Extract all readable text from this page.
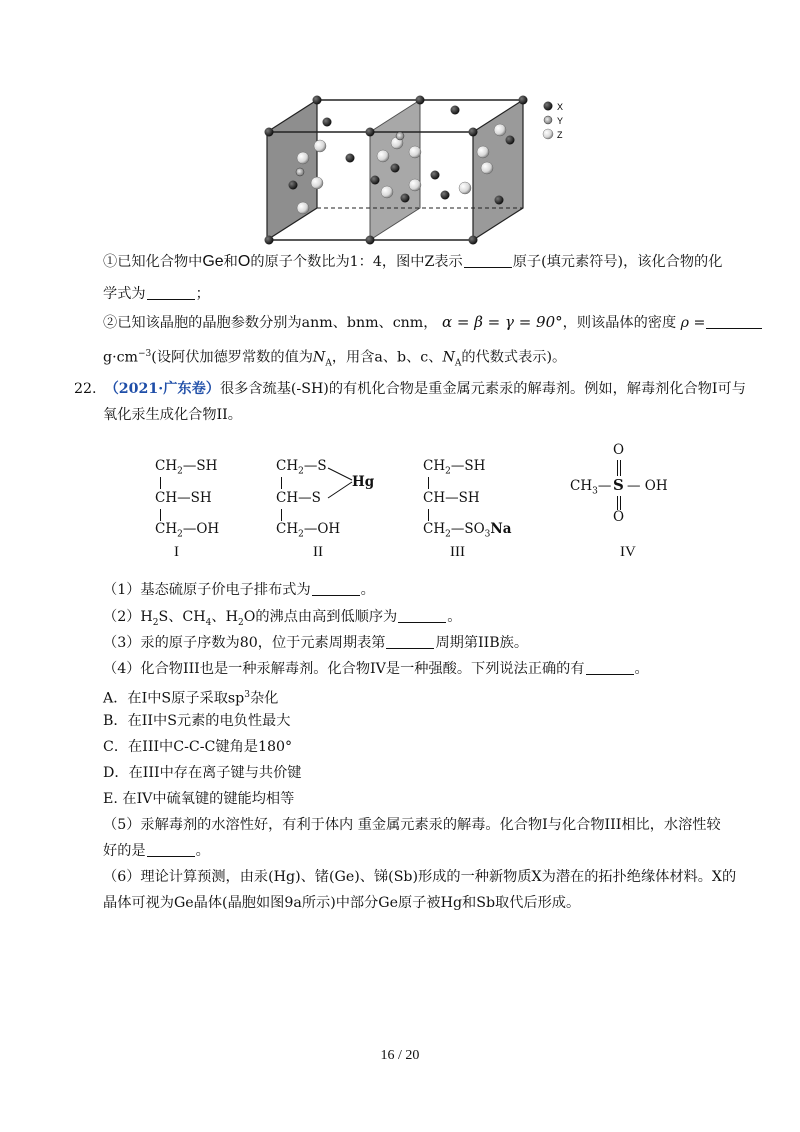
X
Y
Z
①已知化合物中Ge和O的原子个数比为1：4，图中Z表示	原子(填元素符号)，该化合物的化
学式为	；
②已知该晶胞的晶胞参数分别为anm、bnm、cnm， α = β = γ = 90°，则该晶体的密度 ρ =
$g\cdot cm^{-3}$(设阿伏加德罗常数的值为$N_A$，用含a、b、c、$N_A$的代数式表示)。
22. （2021·广东卷）很多含巯基(-SH)的有机化合物是重金属元素汞的解毒剂。例如，解毒剂化合物I可与
氧化汞生成化合物II。
$CH_2—SH$
CH—SH
$CH_2—OH$
I
$CH_2—S$
CH—S
$CH_2—OH$
Hg
II
$CH_2—SH$
CH—SH
$CH_2—SO_3Na$
III
O
$CH_3—$ S — OH
O
IV
（1）基态硫原子价电子排布式为	。
$(2)H_2S$、$CH_4$、$H_2O$的沸点由高到低顺序为	。
（3）汞的原子序数为80，位于元素周期表第	周期第IIB族。
（4）化合物III也是一种汞解毒剂。化合物IV是一种强酸。下列说法正确的有	。
A．在I中S原子采取$sp^3$杂化
B．在II中S元素的电负性最大
C．在III中C-C-C键角是180°
D．在III中存在离子键与共价键
E. 在IV中硫氧键的键能均相等
（5）汞解毒剂的水溶性好，有利于体内 重金属元素汞的解毒。化合物I与化合物III相比，水溶性较
好的是	。
（6）理论计算预测，由汞(Hg)、锗(Ge)、锑(Sb)形成的一种新物质X为潜在的拓扑绝缘体材料。X的
晶体可视为Ge晶体(晶胞如图9a所示)中部分Ge原子被Hg和Sb取代后形成。
16 / 20
